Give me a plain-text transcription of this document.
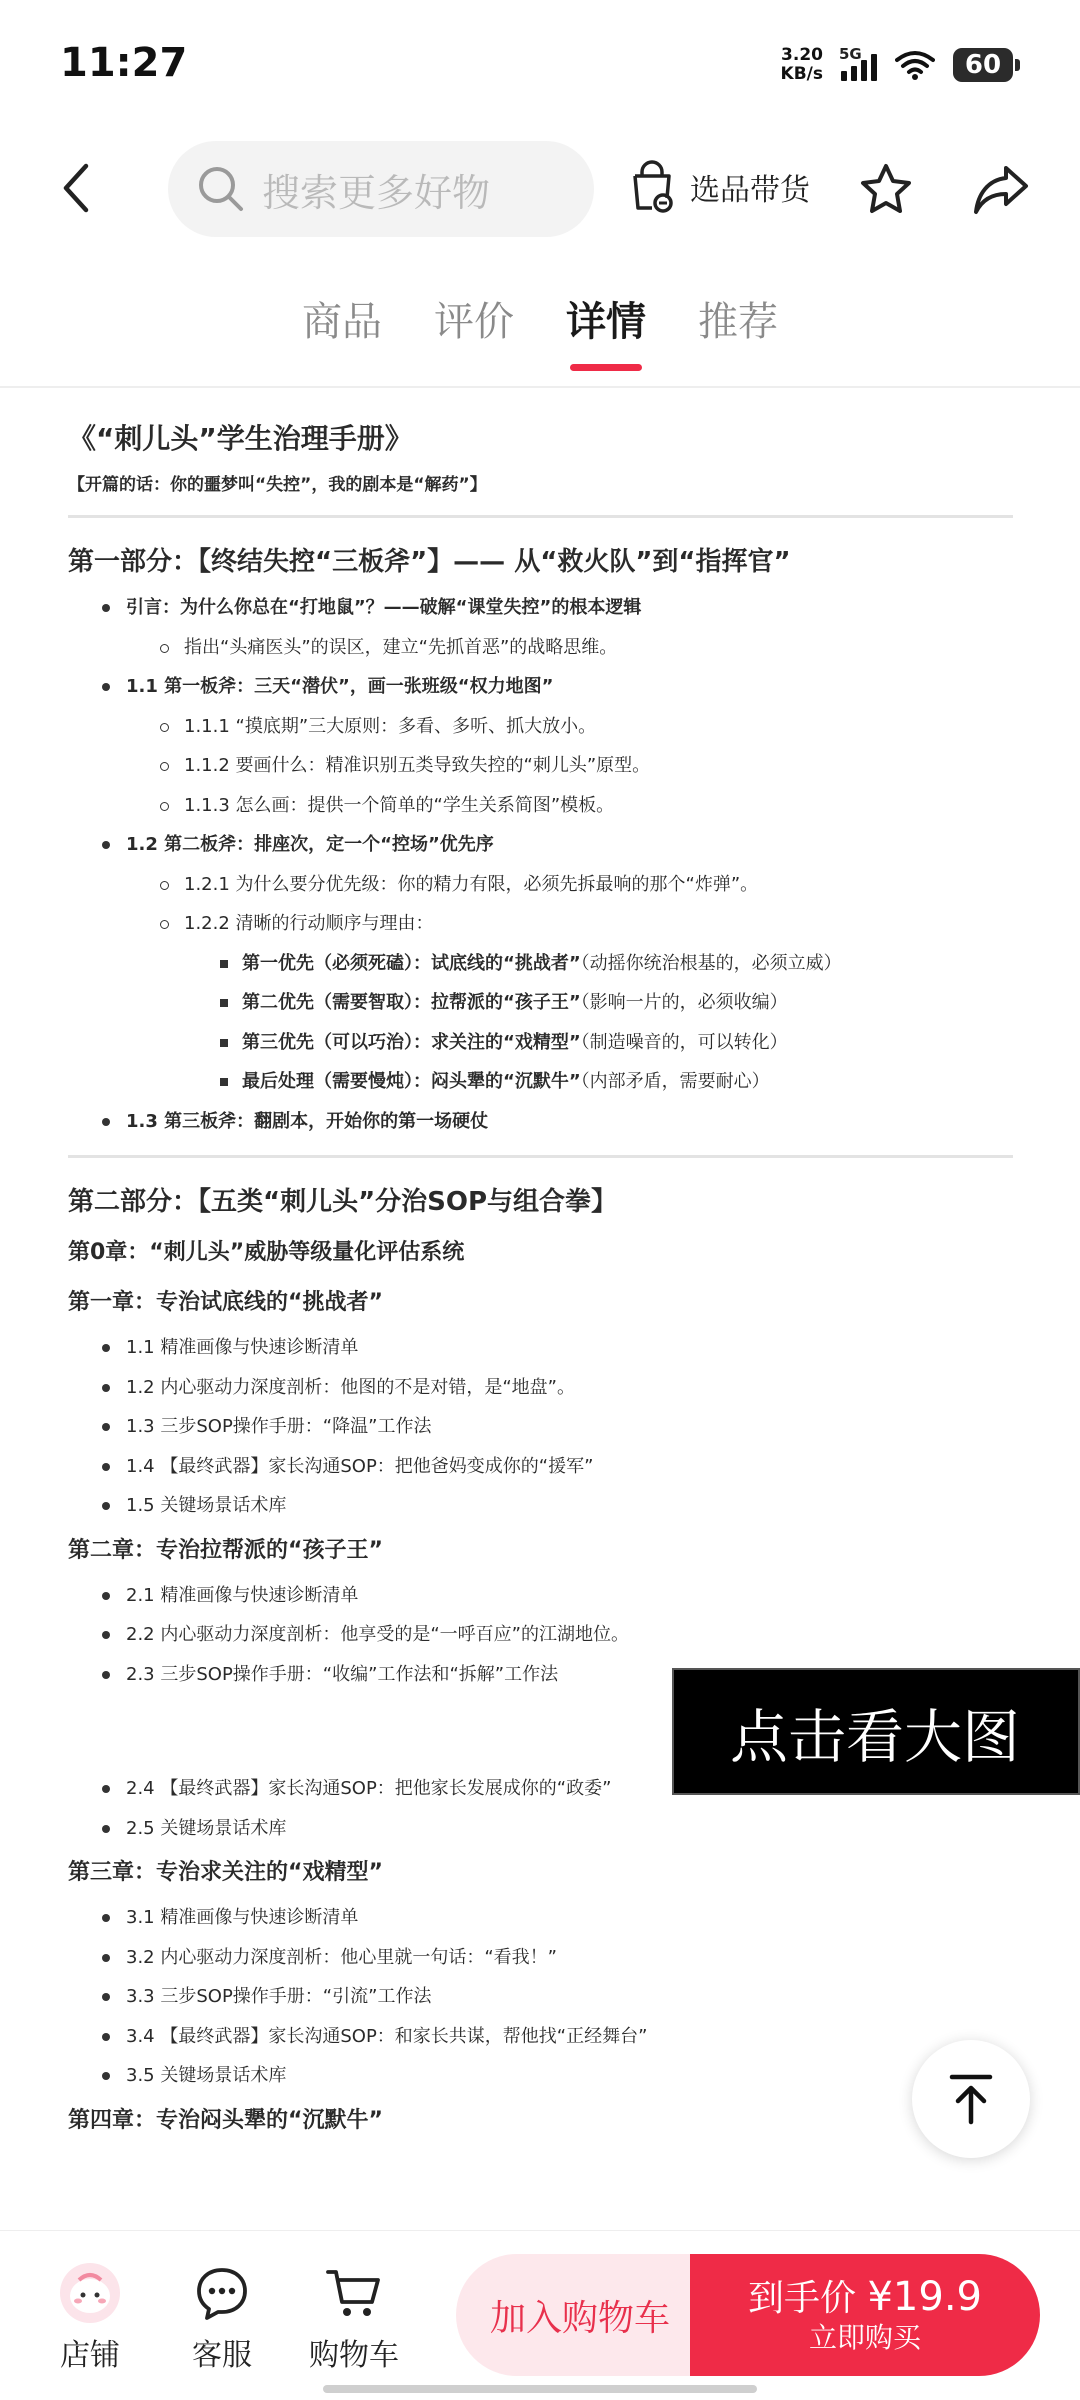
11:27	3.20
KB/s
5G	60
搜索更多好物	选品带货
商品 评价 详情 推荐
《“刺儿头”学生治理手册》
【开篇的话：你的噩梦叫“失控”，我的剧本是“解药”】
第一部分：【终结失控“三板斧”】—— 从“救火队”到“指挥官”
引言：为什么你总在“打地鼠”？——破解“课堂失控”的根本逻辑
指出“头痛医头”的误区，建立“先抓首恶”的战略思维。
1.1 第一板斧：三天“潜伏”，画一张班级“权力地图”
1.1.1 “摸底期”三大原则：多看、多听、抓大放小。
1.1.2 要画什么：精准识别五类导致失控的“刺儿头”原型。
1.1.3 怎么画：提供一个简单的“学生关系简图”模板。
1.2 第二板斧：排座次，定一个“控场”优先序
1.2.1 为什么要分优先级：你的精力有限，必须先拆最响的那个“炸弹”。
1.2.2 清晰的行动顺序与理由：
第一优先（必须死磕）：试底线的“挑战者”（动摇你统治根基的，必须立威）
第二优先（需要智取）：拉帮派的“孩子王”（影响一片的，必须收编）
第三优先（可以巧治）：求关注的“戏精型”（制造噪音的，可以转化）
最后处理（需要慢炖）：闷头犟的“沉默牛”（内部矛盾，需要耐心）
1.3 第三板斧：翻剧本，开始你的第一场硬仗
第二部分：【五类“刺儿头”分治SOP与组合拳】
第0章：“刺儿头”威胁等级量化评估系统
第一章：专治试底线的“挑战者”
1.1 精准画像与快速诊断清单
1.2 内心驱动力深度剖析：他图的不是对错，是“地盘”。
1.3 三步SOP操作手册：“降温”工作法
1.4 【最终武器】家长沟通SOP：把他爸妈变成你的“援军”
1.5 关键场景话术库
第二章：专治拉帮派的“孩子王”
2.1 精准画像与快速诊断清单
2.2 内心驱动力深度剖析：他享受的是“一呼百应”的江湖地位。
2.3 三步SOP操作手册：“收编”工作法和“拆解”工作法
2.4 【最终武器】家长沟通SOP：把他家长发展成你的“政委”
2.5 关键场景话术库
第三章：专治求关注的“戏精型”
3.1 精准画像与快速诊断清单
3.2 内心驱动力深度剖析：他心里就一句话：“看我！”
3.3 三步SOP操作手册：“引流”工作法
3.4 【最终武器】家长沟通SOP：和家长共谋，帮他找“正经舞台”
3.5 关键场景话术库
第四章：专治闷头犟的“沉默牛”
点击看大图
店铺 客服 购物车
加入购物车	到手价 ¥19.9
立即购买
